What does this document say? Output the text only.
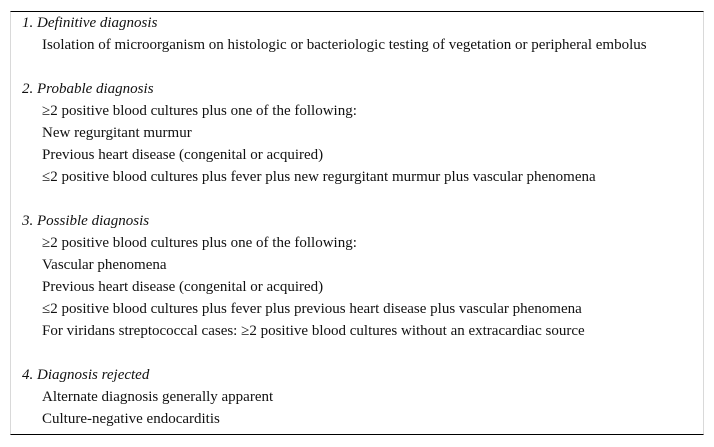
1. Definitive diagnosis
Isolation of microorganism on histologic or bacteriologic testing of vegetation or peripheral embolus
2. Probable diagnosis
≥2 positive blood cultures plus one of the following:
New regurgitant murmur
Previous heart disease (congenital or acquired)
≤2 positive blood cultures plus fever plus new regurgitant murmur plus vascular phenomena
3. Possible diagnosis
≥2 positive blood cultures plus one of the following:
Vascular phenomena
Previous heart disease (congenital or acquired)
≤2 positive blood cultures plus fever plus previous heart disease plus vascular phenomena
For viridans streptococcal cases: ≥2 positive blood cultures without an extracardiac source
4. Diagnosis rejected
Alternate diagnosis generally apparent
Culture-negative endocarditis
